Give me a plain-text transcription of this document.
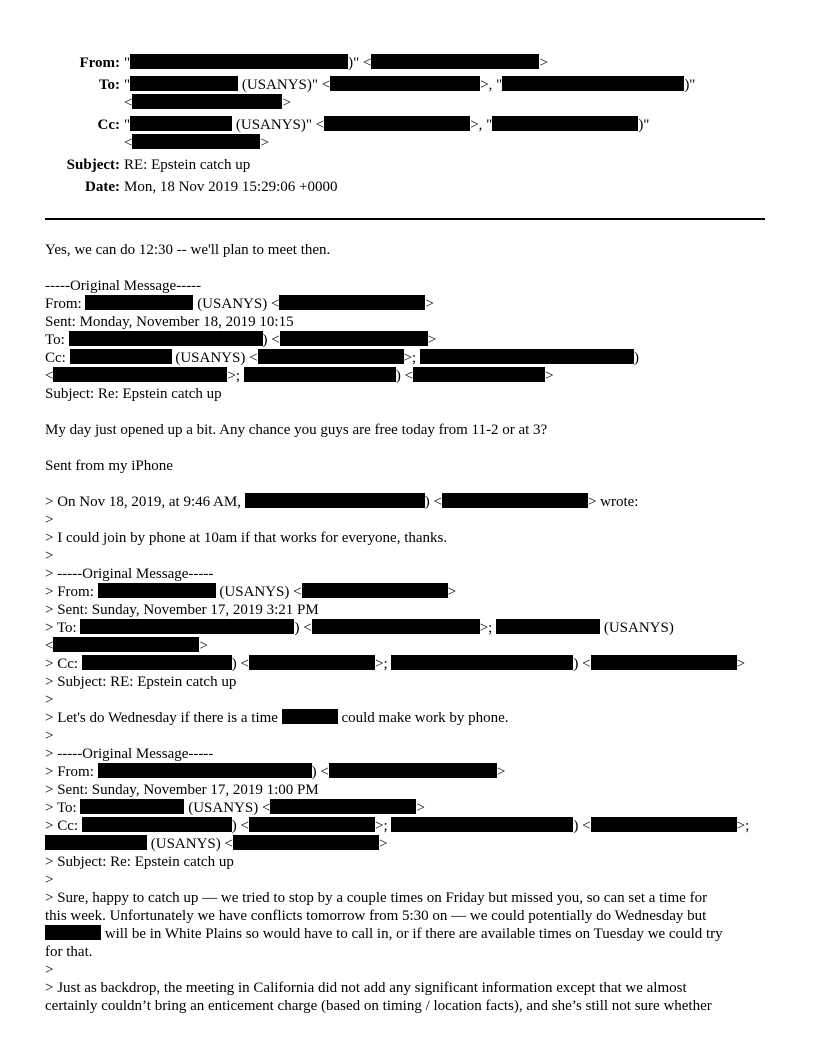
From: "	)" <	>
To: "	(USANYS)" <	>, "	)"
<	>
Cc: "	(USANYS)" <	>, "	)"
<	>
Subject: RE: Epstein catch up
Date: Mon, 18 Nov 2019 15:29:06 +0000
Yes, we can do 12:30 -- we'll plan to meet then.
-----Original Message-----
From:	(USANYS) <	>
Sent: Monday, November 18, 2019 10:15
To:	) <	>
Cc:	(USANYS) <	>;	)
<	>;	) <	>
Subject: Re: Epstein catch up
My day just opened up a bit. Any chance you guys are free today from 11-2 or at 3?
Sent from my iPhone
> On Nov 18, 2019, at 9:46 AM,	) <	> wrote:
>
> I could join by phone at 10am if that works for everyone, thanks.
>
> -----Original Message-----
> From:	(USANYS) <	>
> Sent: Sunday, November 17, 2019 3:21 PM
> To:	) <	>;	(USANYS)
<	>
> Cc:	) <	>;	) <	>
> Subject: RE: Epstein catch up
>
> Let's do Wednesday if there is a time	could make work by phone.
>
> -----Original Message-----
> From:	) <	>
> Sent: Sunday, November 17, 2019 1:00 PM
> To:	(USANYS) <	>
> Cc:	) <	>;	) <	>;
(USANYS) <	>
> Subject: Re: Epstein catch up
>
> Sure, happy to catch up — we tried to stop by a couple times on Friday but missed you, so can set a time for
this week. Unfortunately we have conflicts tomorrow from 5:30 on — we could potentially do Wednesday but
will be in White Plains so would have to call in, or if there are available times on Tuesday we could try
for that.
>
> Just as backdrop, the meeting in California did not add any significant information except that we almost
certainly couldn’t bring an enticement charge (based on timing / location facts), and she’s still not sure whether
